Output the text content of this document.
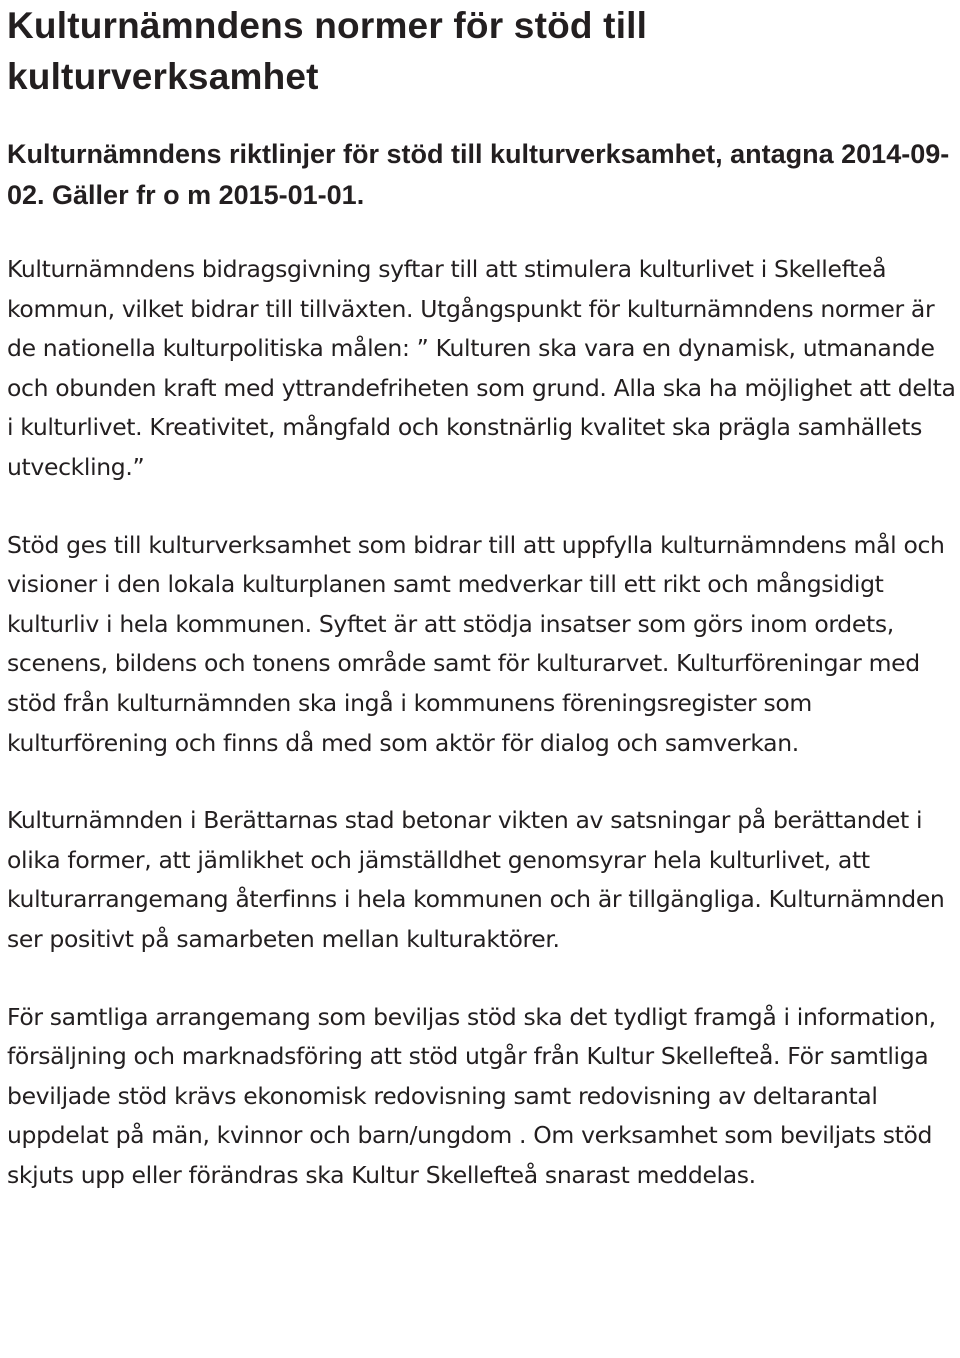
Kulturnämndens normer för stöd till kulturverksamhet
Kulturnämndens riktlinjer för stöd till kulturverksamhet, antagna 2014-09-02. Gäller fr o m 2015-01-01.

Kulturnämndens bidragsgivning syftar till att stimulera kulturlivet i Skellefteå kommun, vilket bidrar till tillväxten. Utgångspunkt för kulturnämndens normer är de nationella kulturpolitiska målen: ” Kulturen ska vara en dynamisk, utmanande och obunden kraft med yttrandefriheten som grund. Alla ska ha möjlighet att delta i kulturlivet. Kreativitet, mångfald och konstnärlig kvalitet ska prägla samhällets utveckling.”

Stöd ges till kulturverksamhet som bidrar till att uppfylla kulturnämndens mål och visioner i den lokala kulturplanen samt medverkar till ett rikt och mångsidigt kulturliv i hela kommunen. Syftet är att stödja insatser som görs inom ordets, scenens, bildens och tonens område samt för kulturarvet. Kulturföreningar med stöd från kulturnämnden ska ingå i kommunens föreningsregister som kulturförening och finns då med som aktör för dialog och samverkan.

Kulturnämnden i Berättarnas stad betonar vikten av satsningar på berättandet i olika former, att jämlikhet och jämställdhet genomsyrar hela kulturlivet, att kulturarrangemang återfinns i hela kommunen och är tillgängliga. Kulturnämnden ser positivt på samarbeten mellan kulturaktörer.

För samtliga arrangemang som beviljas stöd ska det tydligt framgå i information, försäljning och marknadsföring att stöd utgår från Kultur Skellefteå. För samtliga beviljade stöd krävs ekonomisk redovisning samt redovisning av deltarantal uppdelat på män, kvinnor och barn/ungdom . Om verksamhet som beviljats stöd skjuts upp eller förändras ska Kultur Skellefteå snarast meddelas.
